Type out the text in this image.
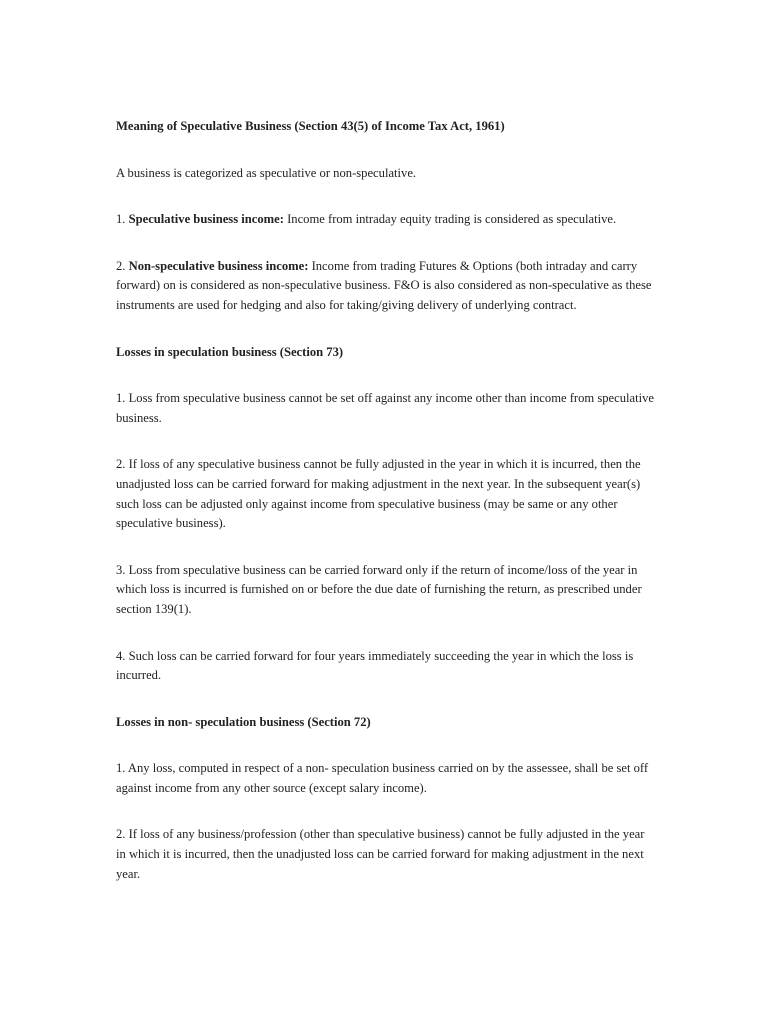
Meaning of Speculative Business (Section 43(5) of Income Tax Act, 1961)

A business is categorized as speculative or non-speculative.

1. Speculative business income: Income from intraday equity trading is considered as speculative.

2. Non-speculative business income: Income from trading Futures & Options (both intraday and carry forward) on is considered as non-speculative business. F&O is also considered as non-speculative as these instruments are used for hedging and also for taking/giving delivery of underlying contract.

Losses in speculation business (Section 73)

1. Loss from speculative business cannot be set off against any income other than income from speculative business.

2. If loss of any speculative business cannot be fully adjusted in the year in which it is incurred, then the unadjusted loss can be carried forward for making adjustment in the next year. In the subsequent year(s) such loss can be adjusted only against income from speculative business (may be same or any other speculative business).

3. Loss from speculative business can be carried forward only if the return of income/loss of the year in which loss is incurred is furnished on or before the due date of furnishing the return, as prescribed under section 139(1).

4. Such loss can be carried forward for four years immediately succeeding the year in which the loss is incurred.

Losses in non- speculation business (Section 72)

1. Any loss, computed in respect of a non- speculation business carried on by the assessee, shall be set off against income from any other source (except salary income).

2. If loss of any business/profession (other than speculative business) cannot be fully adjusted in the year in which it is incurred, then the unadjusted loss can be carried forward for making adjustment in the next year.
